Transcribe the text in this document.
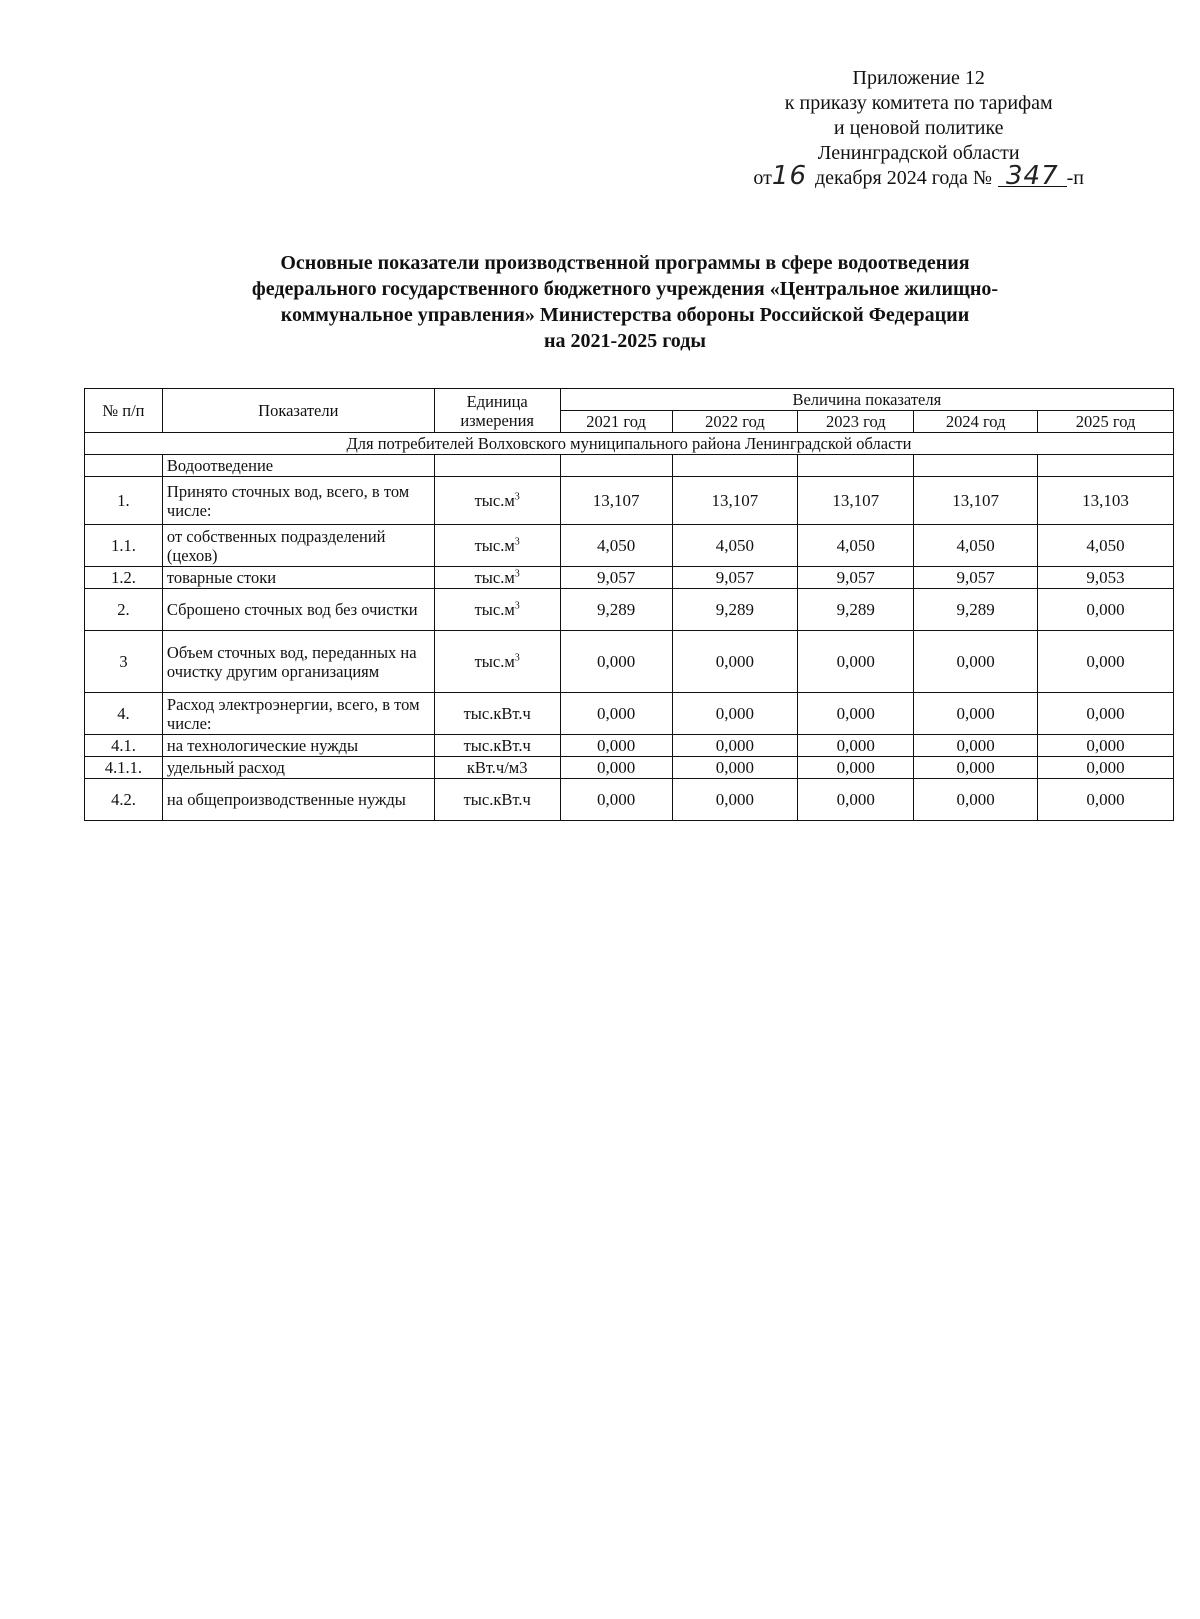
Приложение 12
к приказу комитета по тарифам
и ценовой политике
Ленинградской области
от16 декабря 2024 года № 347 -п
Основные показатели производственной программы в сфере водоотведения
федерального государственного бюджетного учреждения «Центральное жилищно-
коммунальное управления» Министерства обороны Российской Федерации
на 2021-2025 годы
№ п/п	Показатели	Единица измерения	Величина показателя				
			2021 год	2022 год	2023 год	2024 год	2025 год
Для потребителей Волховского муниципального района Ленинградской области							
	Водоотведение						
1.	Принято сточных вод, всего, в том числе:	$тыс.м^3$	13,107	13,107	13,107	13,107	13,103
1.1.	от собственных подразделений (цехов)	$тыс.м^3$	4,050	4,050	4,050	4,050	4,050
1.2.	товарные стоки	$тыс.м^3$	9,057	9,057	9,057	9,057	9,053
2.	Сброшено сточных вод без очистки	$тыс.м^3$	9,289	9,289	9,289	9,289	0,000
3	Объем сточных вод, переданных на очистку другим организациям	$тыс.м^3$	0,000	0,000	0,000	0,000	0,000
4.	Расход электроэнергии, всего, в том числе:	тыс.кВт.ч	0,000	0,000	0,000	0,000	0,000
4.1.	на технологические нужды	тыс.кВт.ч	0,000	0,000	0,000	0,000	0,000
4.1.1.	удельный расход	кВт.ч/м3	0,000	0,000	0,000	0,000	0,000
4.2.	на общепроизводственные нужды	тыс.кВт.ч	0,000	0,000	0,000	0,000	0,000
